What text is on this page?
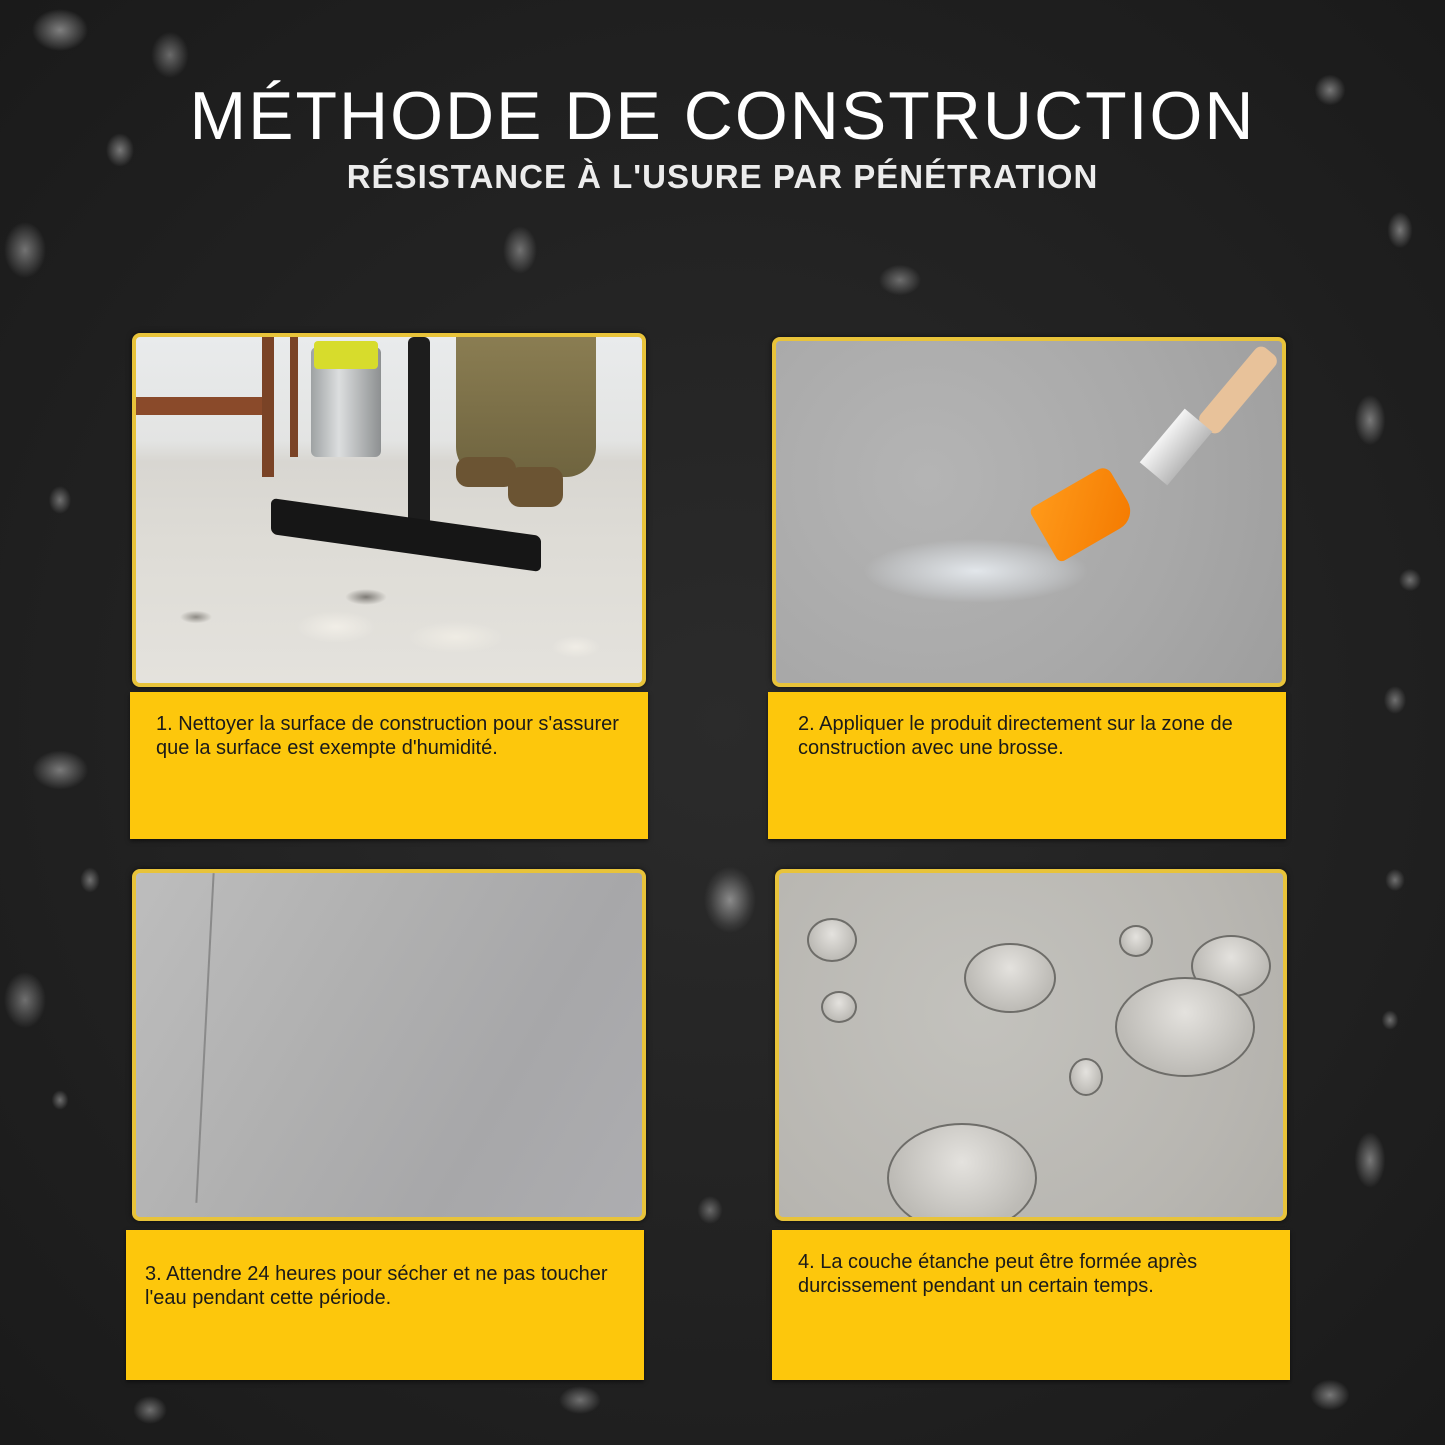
MÉTHODE DE CONSTRUCTION
RÉSISTANCE À L'USURE PAR PÉNÉTRATION
1. Nettoyer la surface de construction pour s'assurer que la surface est exempte d'humidité.
2. Appliquer le produit directement sur la zone de construction avec une brosse.
3. Attendre 24 heures pour sécher et ne pas toucher l'eau pendant cette période.
4. La couche étanche peut être formée après durcissement pendant un certain temps.
